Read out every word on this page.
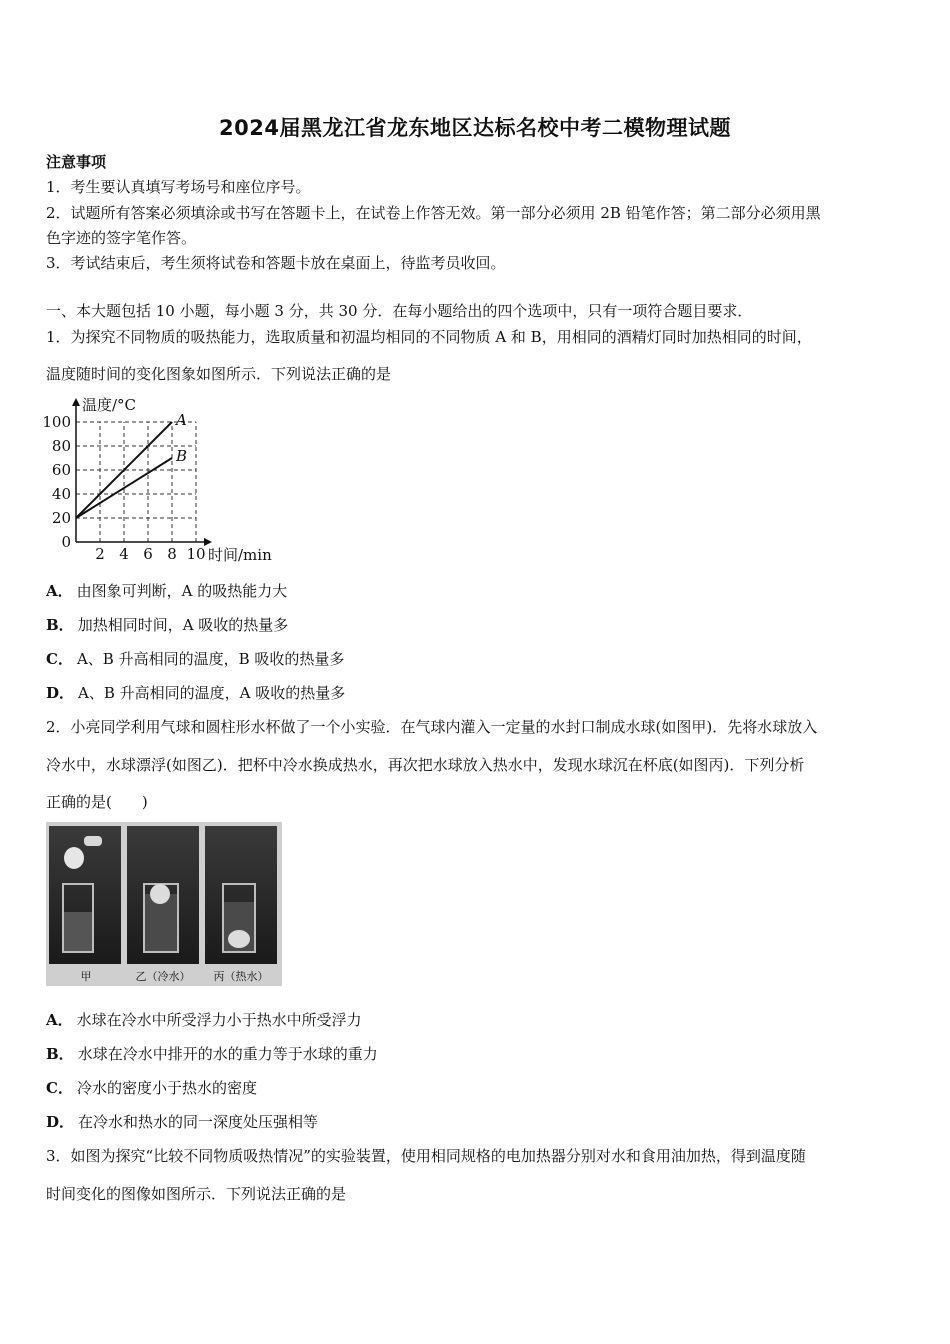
2024届黑龙江省龙东地区达标名校中考二模物理试题
注意事项
1．考生要认真填写考场号和座位序号。
2．试题所有答案必须填涂或书写在答题卡上，在试卷上作答无效。第一部分必须用 2B 铅笔作答；第二部分必须用黑
色字迹的签字笔作答。
3．考试结束后，考生须将试卷和答题卡放在桌面上，待监考员收回。
一、本大题包括 10 小题，每小题 3 分，共 30 分．在每小题给出的四个选项中，只有一项符合题目要求．
1．为探究不同物质的吸热能力，选取质量和初温均相同的不同物质 A 和 B，用相同的酒精灯同时加热相同的时间，
温度随时间的变化图象如图所示．下列说法正确的是
0
20
40
60
80
100
2 4 6 8 10
温度/°C
时间/min
A
B
A． 由图象可判断，A 的吸热能力大
B． 加热相同时间，A 吸收的热量多
C． A、B 升高相同的温度，B 吸收的热量多
D． A、B 升高相同的温度，A 吸收的热量多
2．小亮同学利用气球和圆柱形水杯做了一个小实验．在气球内灌入一定量的水封口制成水球(如图甲)．先将水球放入
冷水中，水球漂浮(如图乙)．把杯中冷水换成热水，再次把水球放入热水中，发现水球沉在杯底(如图丙)．下列分析
正确的是(　　)
甲	乙（冷水） 丙（热水）
A． 水球在冷水中所受浮力小于热水中所受浮力
B． 水球在冷水中排开的水的重力等于水球的重力
C． 冷水的密度小于热水的密度
D． 在冷水和热水的同一深度处压强相等
3．如图为探究“比较不同物质吸热情况”的实验装置，使用相同规格的电加热器分别对水和食用油加热，得到温度随
时间变化的图像如图所示．下列说法正确的是
